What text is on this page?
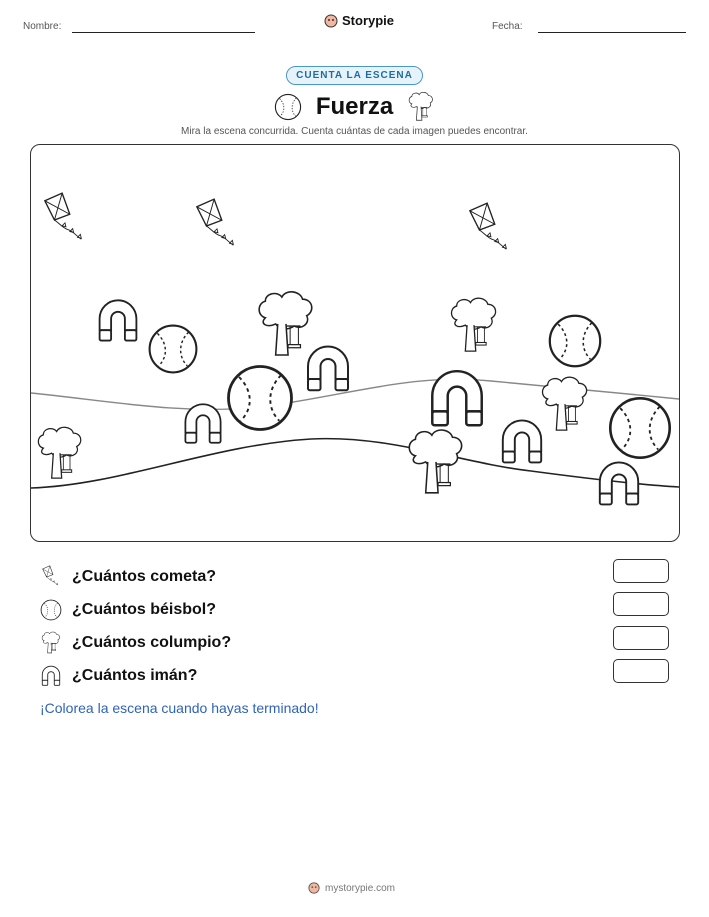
Nombre:	Storypie	Fecha:
CUENTA LA ESCENA
Fuerza
Mira la escena concurrida. Cuenta cuántas de cada imagen puedes encontrar.
¿Cuántos cometa?
¿Cuántos béisbol?
¿Cuántos columpio?
¿Cuántos imán?
¡Colorea la escena cuando hayas terminado!
mystorypie.com
